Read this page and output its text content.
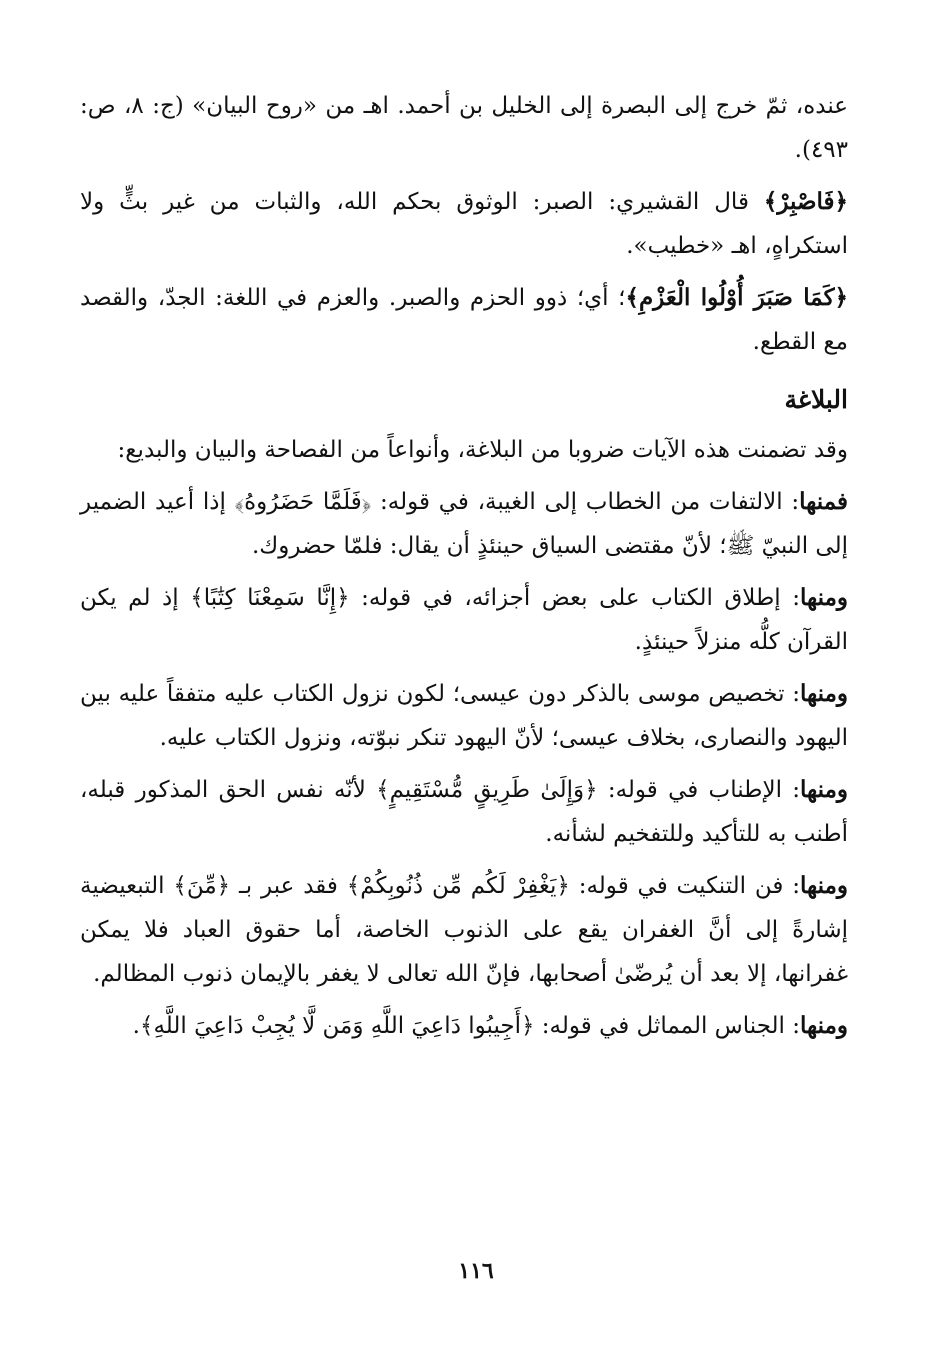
عنده، ثمّ خرج إلى البصرة إلى الخليل بن أحمد. اهـ من «روح البيان» (ج: ٨، ص: ٤٩٣).

﴿فَاصْبِرْ﴾ قال القشيري: الصبر: الوثوق بحكم الله، والثبات من غير بثٍّ ولا استكراهٍ، اهـ «خطيب».

﴿كَمَا صَبَرَ أُوْلُوا الْعَزْمِ﴾؛ أي؛ ذوو الحزم والصبر. والعزم في اللغة: الجدّ، والقصد مع القطع.

البلاغة

وقد تضمنت هذه الآيات ضروبا من البلاغة، وأنواعاً من الفصاحة والبيان والبديع:

فمنها: الالتفات من الخطاب إلى الغيبة، في قوله: ﴿فَلَمَّا حَضَرُوهُ﴾ إذا أعيد الضمير إلى النبيّ ﷺ؛ لأنّ مقتضى السياق حينئذٍ أن يقال: فلمّا حضروك.

ومنها: إطلاق الكتاب على بعض أجزائه، في قوله: ﴿إِنَّا سَمِعْنَا كِتَٰبًا﴾ إذ لم يكن القرآن كلُّه منزلاً حينئذٍ.

ومنها: تخصيص موسى بالذكر دون عيسى؛ لكون نزول الكتاب عليه متفقاً عليه بين اليهود والنصارى، بخلاف عيسى؛ لأنّ اليهود تنكر نبوّته، ونزول الكتاب عليه.

ومنها: الإطناب في قوله: ﴿وَإِلَىٰ طَرِيقٍ مُّسْتَقِيمٍ﴾ لأنّه نفس الحق المذكور قبله، أطنب به للتأكيد وللتفخيم لشأنه.

ومنها: فن التنكيت في قوله: ﴿يَغْفِرْ لَكُم مِّن ذُنُوبِكُمْ﴾ فقد عبر بـ ﴿مِّنَ﴾ التبعيضية إشارةً إلى أنَّ الغفران يقع على الذنوب الخاصة، أما حقوق العباد فلا يمكن غفرانها، إلا بعد أن يُرضّىٰ أصحابها، فإنّ الله تعالى لا يغفر بالإيمان ذنوب المظالم.

ومنها: الجناس المماثل في قوله: ﴿أَجِيبُوا دَاعِيَ اللَّهِ وَمَن لَّا يُجِبْ دَاعِيَ اللَّهِ﴾.

١١٦
